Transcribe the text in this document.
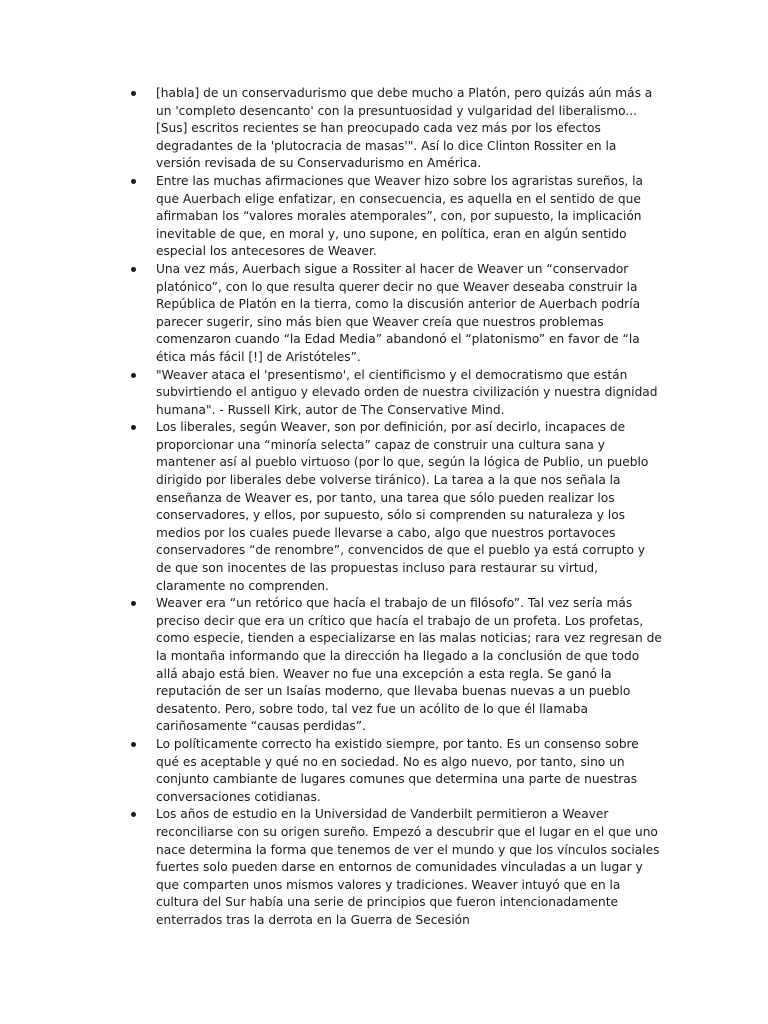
[habla] de un conservadurismo que debe mucho a Platón, pero quizás aún más a un 'completo desencanto' con la presuntuosidad y vulgaridad del liberalismo... [Sus] escritos recientes se han preocupado cada vez más por los efectos degradantes de la 'plutocracia de masas'". Así lo dice Clinton Rossiter en la versión revisada de su Conservadurismo en América.
Entre las muchas afirmaciones que Weaver hizo sobre los agraristas sureños, la que Auerbach elige enfatizar, en consecuencia, es aquella en el sentido de que afirmaban los “valores morales atemporales”, con, por supuesto, la implicación inevitable de que, en moral y, uno supone, en política, eran en algún sentido especial los antecesores de Weaver.
Una vez más, Auerbach sigue a Rossiter al hacer de Weaver un “conservador platónico”, con lo que resulta querer decir no que Weaver deseaba construir la República de Platón en la tierra, como la discusión anterior de Auerbach podría parecer sugerir, sino más bien que Weaver creía que nuestros problemas comenzaron cuando “la Edad Media” abandonó el “platonismo” en favor de “la ética más fácil [!] de Aristóteles”.
"Weaver ataca el 'presentismo', el cientificismo y el democratismo que están subvirtiendo el antiguo y elevado orden de nuestra civilización y nuestra dignidad humana". - Russell Kirk, autor de The Conservative Mind.
Los liberales, según Weaver, son por definición, por así decirlo, incapaces de proporcionar una “minoría selecta” capaz de construir una cultura sana y mantener así al pueblo virtuoso (por lo que, según la lógica de Publio, un pueblo dirigido por liberales debe volverse tiránico). La tarea a la que nos señala la enseñanza de Weaver es, por tanto, una tarea que sólo pueden realizar los conservadores, y ellos, por supuesto, sólo si comprenden su naturaleza y los medios por los cuales puede llevarse a cabo, algo que nuestros portavoces conservadores “de renombre”, convencidos de que el pueblo ya está corrupto y de que son inocentes de las propuestas incluso para restaurar su virtud, claramente no comprenden.
Weaver era “un retórico que hacía el trabajo de un filósofo”. Tal vez sería más preciso decir que era un crítico que hacía el trabajo de un profeta. Los profetas, como especie, tienden a especializarse en las malas noticias; rara vez regresan de la montaña informando que la dirección ha llegado a la conclusión de que todo allá abajo está bien. Weaver no fue una excepción a esta regla. Se ganó la reputación de ser un Isaías moderno, que llevaba buenas nuevas a un pueblo desatento. Pero, sobre todo, tal vez fue un acólito de lo que él llamaba cariñosamente “causas perdidas”.
Lo políticamente correcto ha existido siempre, por tanto. Es un consenso sobre qué es aceptable y qué no en sociedad. No es algo nuevo, por tanto, sino un conjunto cambiante de lugares comunes que determina una parte de nuestras conversaciones cotidianas.
Los años de estudio en la Universidad de Vanderbilt permitieron a Weaver reconciliarse con su origen sureño. Empezó a descubrir que el lugar en el que uno nace determina la forma que tenemos de ver el mundo y que los vínculos sociales fuertes solo pueden darse en entornos de comunidades vinculadas a un lugar y que comparten unos mismos valores y tradiciones. Weaver intuyó que en la cultura del Sur había una serie de principios que fueron intencionadamente enterrados tras la derrota en la Guerra de Secesión
